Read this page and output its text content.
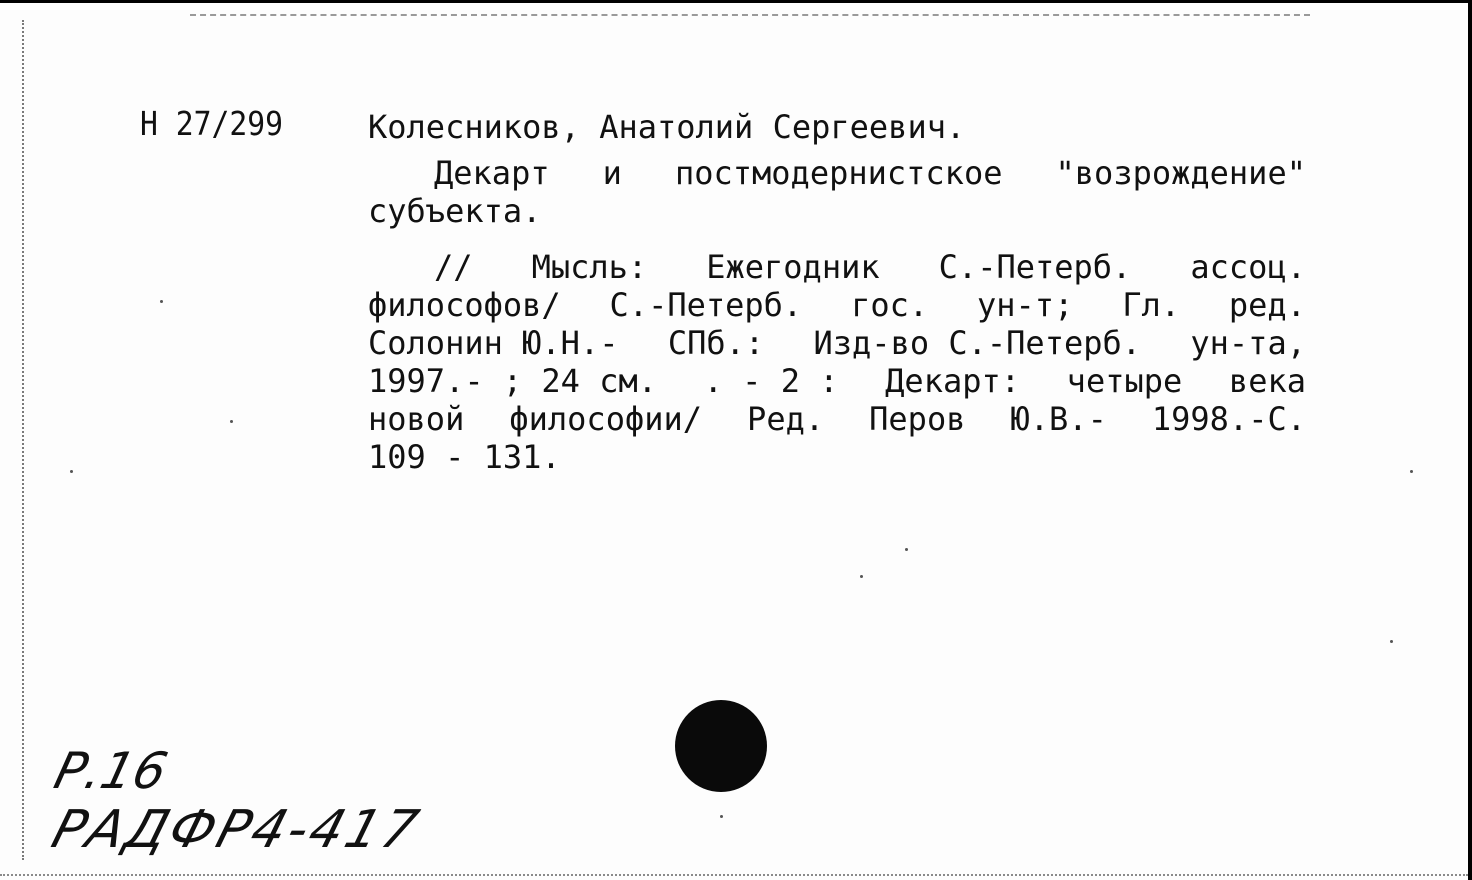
Н 27/299	Колесников, Анатолий Сергеевич.
Декарт и постмодернистское "возрождение"
субъекта.
// Мысль: Ежегодник С.-Петерб. ассоц.
философов/ С.-Петерб. гос. ун-т; Гл. ред.
Солонин Ю.Н.- СПб.: Изд-во С.-Петерб. ун-та,
1997.- ; 24 см. . - 2 : Декарт: четыре века
новой философии/ Ред. Перов Ю.В.- 1998.-С.
109 - 131.
Р.16
РАДФР4-417
